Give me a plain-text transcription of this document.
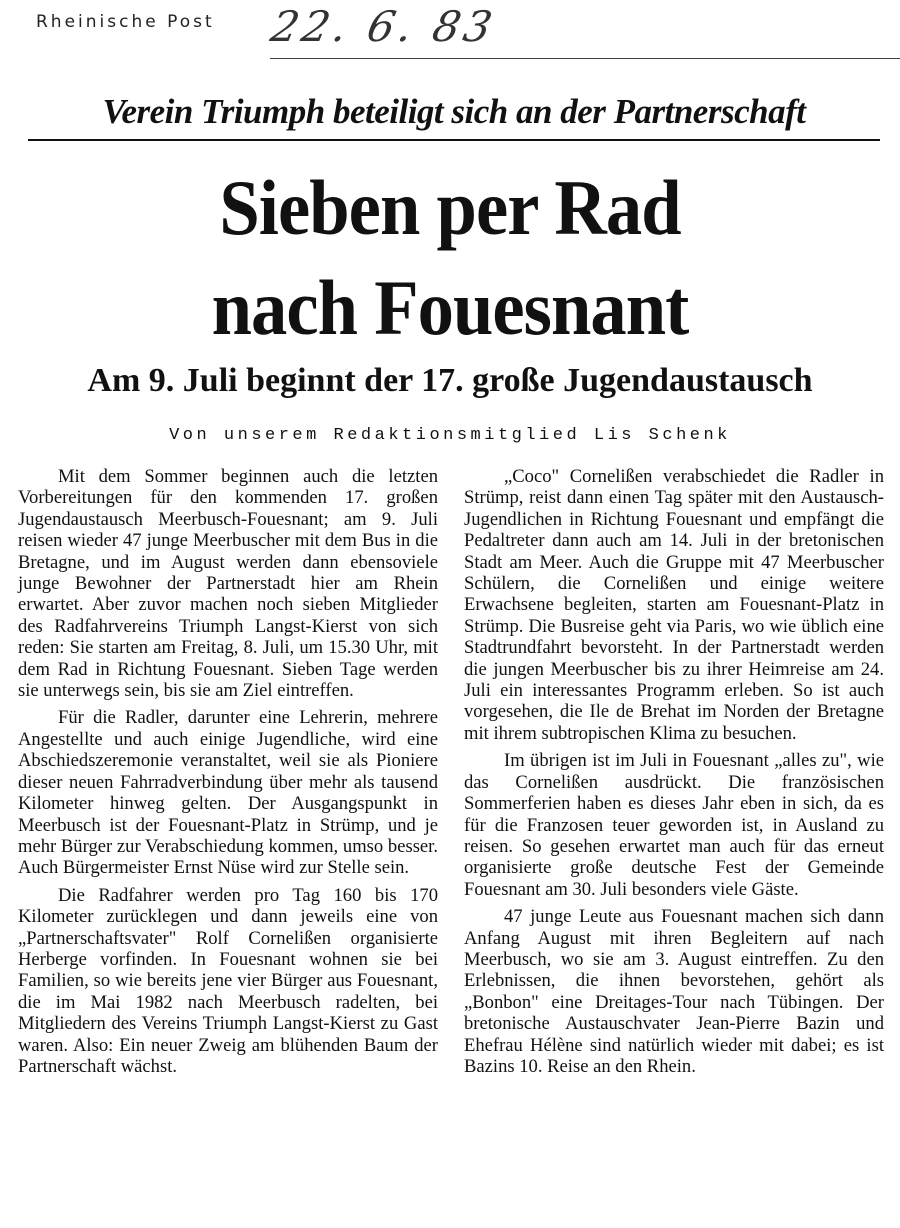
Rheinische Post 22. 6. 83
Verein Triumph beteiligt sich an der Partnerschaft
Sieben per Rad
nach Fouesnant
Am 9. Juli beginnt der 17. große Jugendaustausch
Von unserem Redaktionsmitglied Lis Schenk

Mit dem Sommer beginnen auch die letzten Vorbereitungen für den kommenden 17. großen Jugendaustausch Meerbusch-Fouesnant; am 9. Juli reisen wieder 47 junge Meerbuscher mit dem Bus in die Bretagne, und im August werden dann ebensoviele junge Bewohner der Partnerstadt hier am Rhein erwartet. Aber zuvor machen noch sieben Mitglieder des Radfahrvereins Triumph Langst-Kierst von sich reden: Sie starten am Freitag, 8. Juli, um 15.30 Uhr, mit dem Rad in Richtung Fouesnant. Sieben Tage werden sie unterwegs sein, bis sie am Ziel eintreffen.

Für die Radler, darunter eine Lehrerin, mehrere Angestellte und auch einige Jugendliche, wird eine Abschiedszeremonie veranstaltet, weil sie als Pioniere dieser neuen Fahrradverbindung über mehr als tausend Kilometer hinweg gelten. Der Ausgangspunkt in Meerbusch ist der Fouesnant-Platz in Strümp, und je mehr Bürger zur Verabschiedung kommen, umso besser. Auch Bürgermeister Ernst Nüse wird zur Stelle sein.

Die Radfahrer werden pro Tag 160 bis 170 Kilometer zurücklegen und dann jeweils eine von „Partnerschaftsvater" Rolf Cornelißen organisierte Herberge vorfinden. In Fouesnant wohnen sie bei Familien, so wie bereits jene vier Bürger aus Fouesnant, die im Mai 1982 nach Meerbusch radelten, bei Mitgliedern des Vereins Triumph Langst-Kierst zu Gast waren. Also: Ein neuer Zweig am blühenden Baum der Partnerschaft wächst.

„Coco" Cornelißen verabschiedet die Radler in Strümp, reist dann einen Tag später mit den Austausch-Jugendlichen in Richtung Fouesnant und empfängt die Pedaltreter dann auch am 14. Juli in der bretonischen Stadt am Meer. Auch die Gruppe mit 47 Meerbuscher Schülern, die Cornelißen und einige weitere Erwachsene begleiten, starten am Fouesnant-Platz in Strümp. Die Busreise geht via Paris, wo wie üblich eine Stadtrundfahrt bevorsteht. In der Partnerstadt werden die jungen Meerbuscher bis zu ihrer Heimreise am 24. Juli ein interessantes Programm erleben. So ist auch vorgesehen, die Ile de Brehat im Norden der Bretagne mit ihrem subtropischen Klima zu besuchen.

Im übrigen ist im Juli in Fouesnant „alles zu", wie das Cornelißen ausdrückt. Die französischen Sommerferien haben es dieses Jahr eben in sich, da es für die Franzosen teuer geworden ist, in Ausland zu reisen. So gesehen erwartet man auch für das erneut organisierte große deutsche Fest der Gemeinde Fouesnant am 30. Juli besonders viele Gäste.

47 junge Leute aus Fouesnant machen sich dann Anfang August mit ihren Begleitern auf nach Meerbusch, wo sie am 3. August eintreffen. Zu den Erlebnissen, die ihnen bevorstehen, gehört als „Bonbon" eine Dreitages-Tour nach Tübingen. Der bretonische Austauschvater Jean-Pierre Bazin und Ehefrau Hélène sind natürlich wieder mit dabei; es ist Bazins 10. Reise an den Rhein.
